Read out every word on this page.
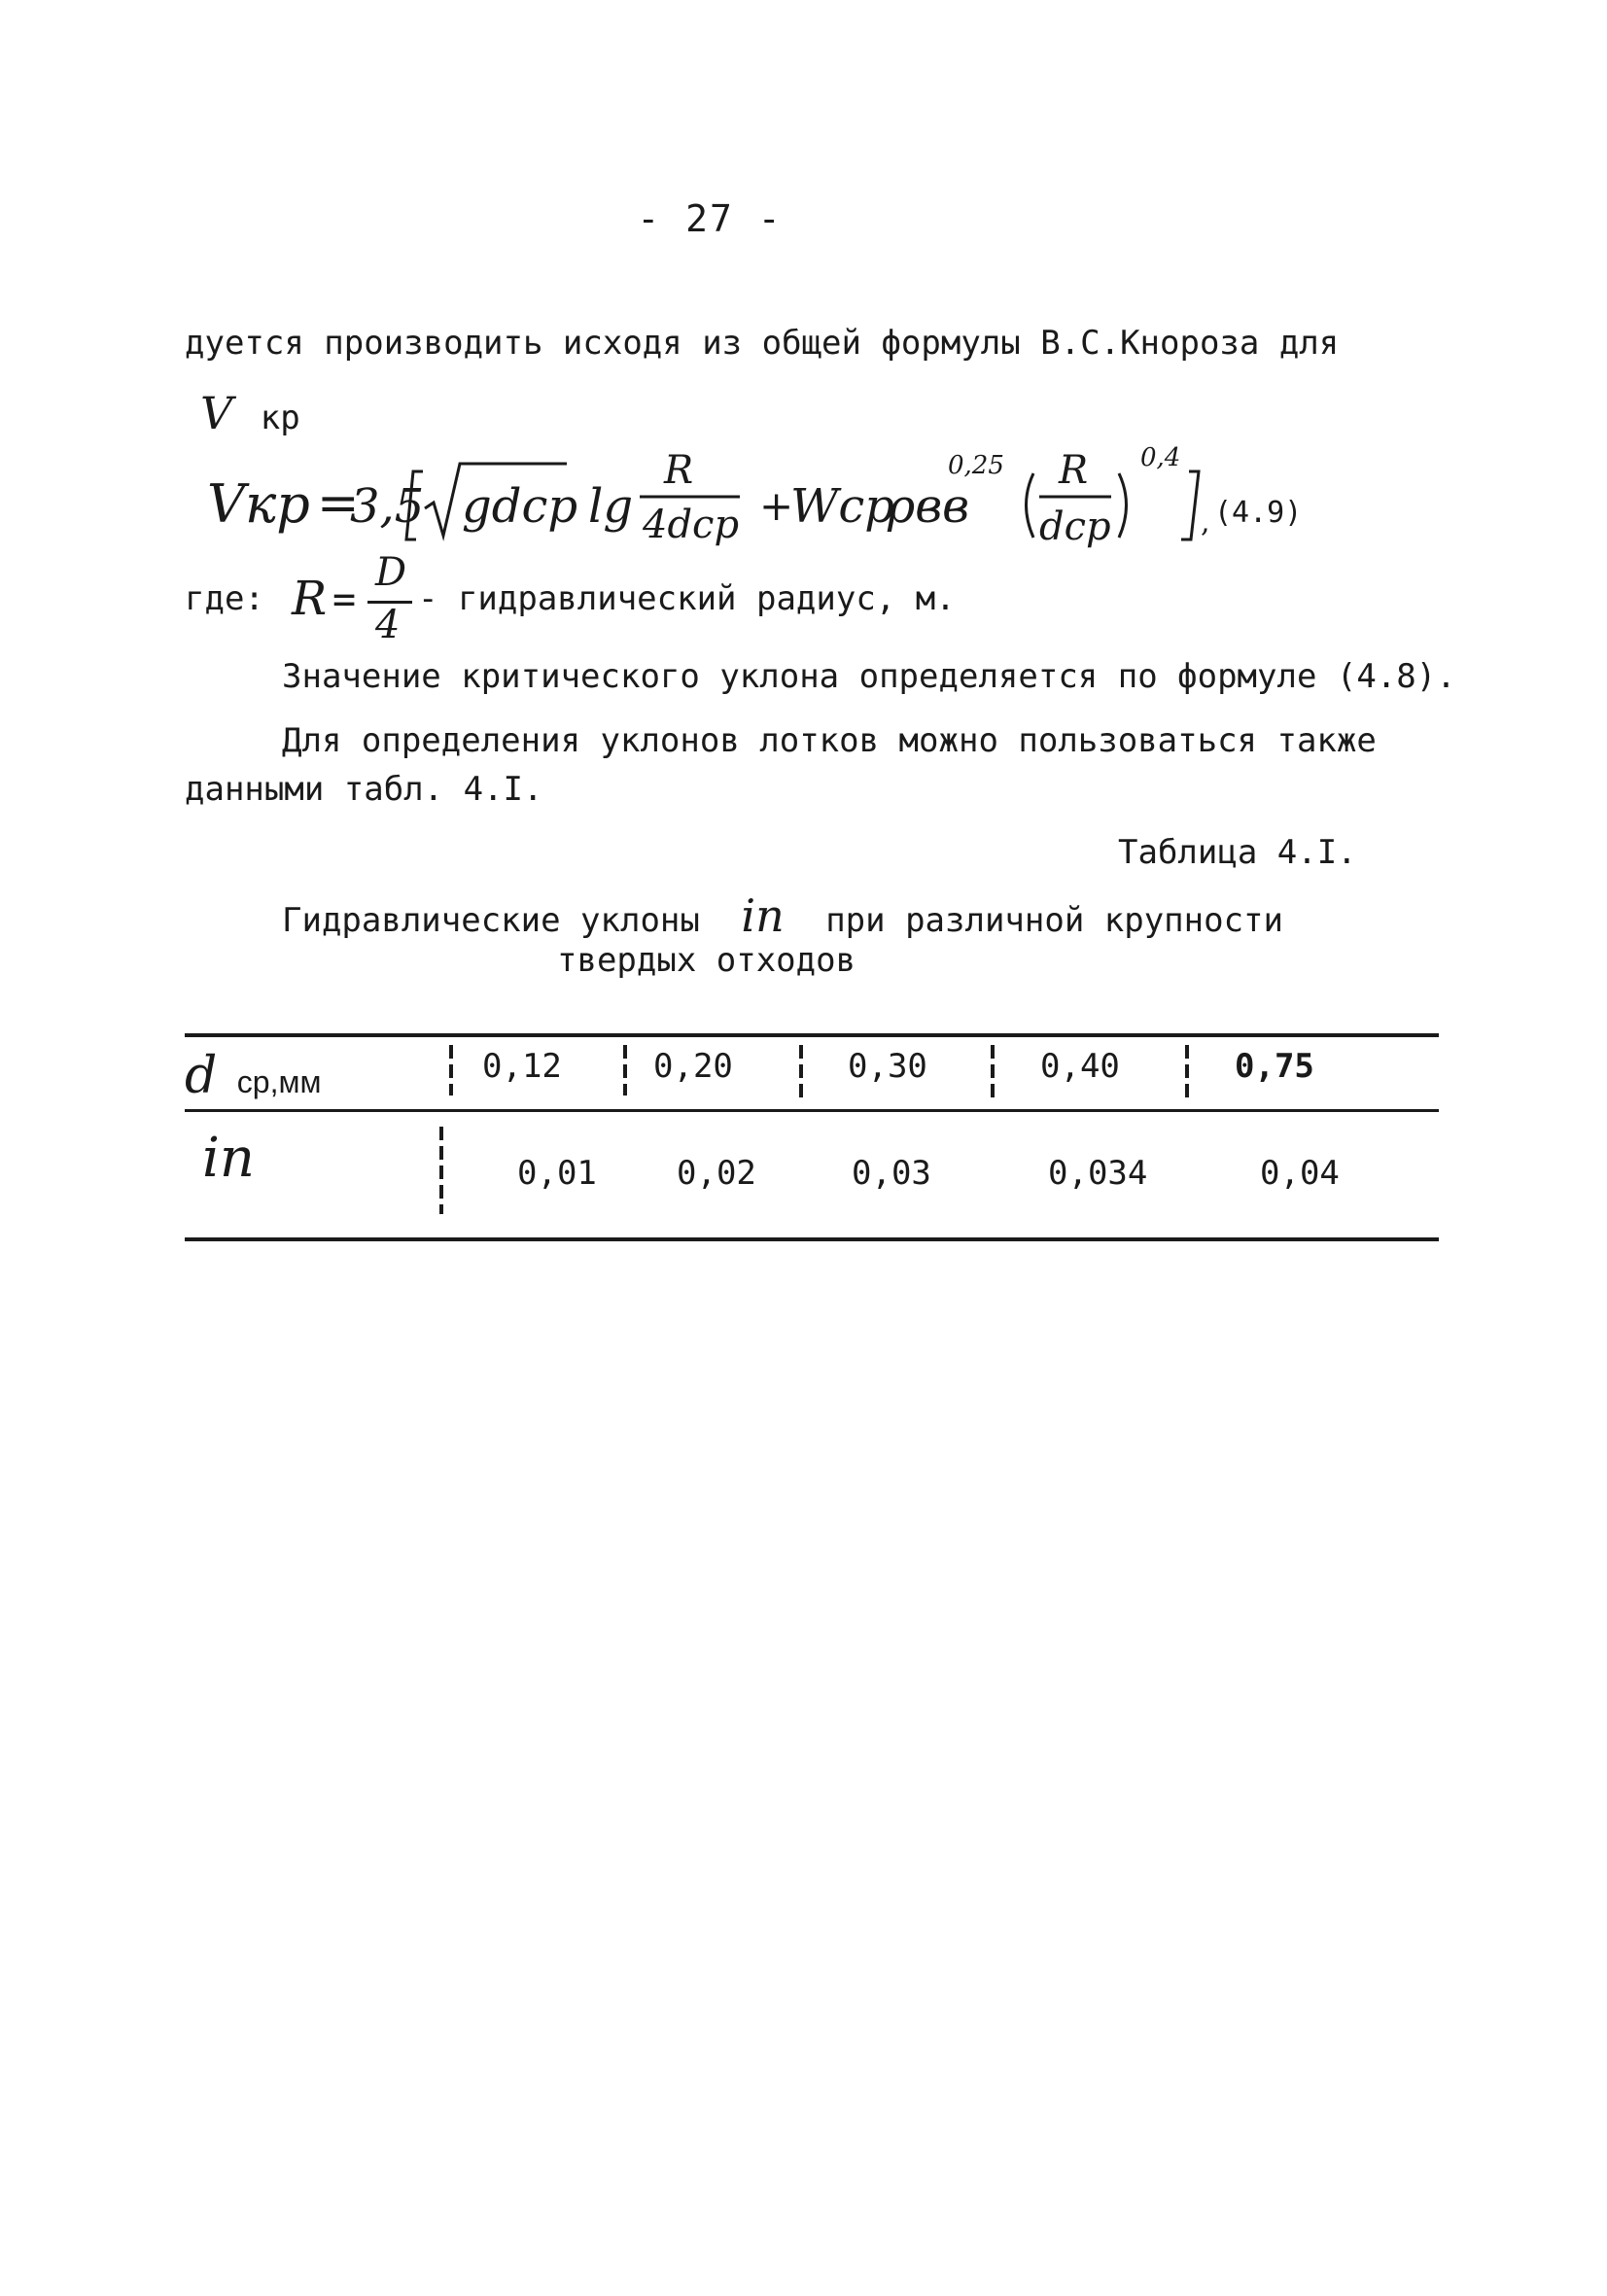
- 27 -
дуется производить исходя из общей формулы В.С.Кнороза для
V кр
Vкр =
3,5 gdср lg
R
4dср +
Wср
ρвв
0,25 R
dср
0,4
, (4.9)
где: R =
D
4
- гидравлический радиус, м.
Значение критического уклона определяется по формуле (4.8).
Для определения уклонов лотков можно пользоваться также
данными табл. 4.I.
Таблица 4.I.
Гидравлические уклоны iп при различной крупности
твердых отходов
d ср,мм	0,12	0,20	0,30	0,40	0,75
iп	0,01 0,02	0,03	0,034	0,04
